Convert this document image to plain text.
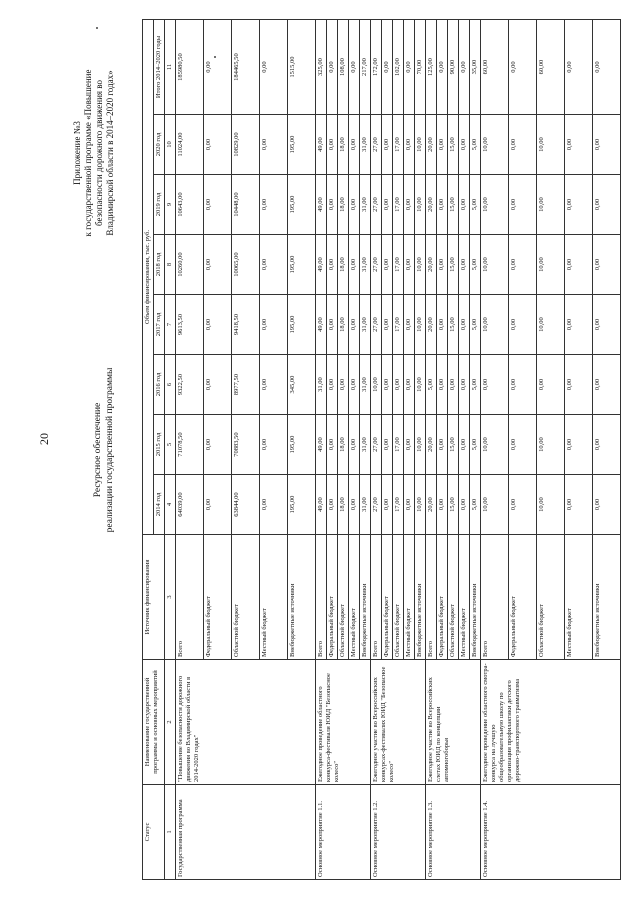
20
Приложение №3 к государственной программе «Повышение безопасности дорожного движения во Владимирской области в 2014–2020 годах»
Ресурсное обеспечение реализации государственной программы
Статус	Наименование государственной программы и основных мероприятий	Источник финансирования	Объем финансирования, тыс. руб.							
			2014 год	2015 год	2016 год	2017 год	2018 год	2019 год	2020 год	Итого 2014–2020 годы
1	2	3	4	5	6	7	8	9	10	11
Государственная программа	"Повышение безопасности дорожного движения во Владимирской области в 2014-2020 годах"	Всего	64039,00	71078,50	9322,50	9613,50	10260,00	10643,00	11024,00	185980,50
		Федеральный бюджет	0,00	0,00	0,00	0,00	0,00	0,00	0,00	0,00
		Областной бюджет	63844,00	70883,50	8977,50	9418,50	10065,00	10448,00	10829,00	184465,50
		Местный бюджет	0,00	0,00	0,00	0,00	0,00	0,00	0,00	0,00
		Внебюджетные источники	195,00	195,00	345,00	195,00	195,00	195,00	195,00	1515,00
Основное мероприятие 1.1.	Ежегодное проведение областного конкурса-фестиваля ЮИД "Безопасное колесо"	Всего	49,00	49,00	31,00	49,00	49,00	49,00	49,00	325,00
		Федеральный бюджет	0,00	0,00	0,00	0,00	0,00	0,00	0,00	0,00
		Областной бюджет	18,00	18,00	0,00	18,00	18,00	18,00	18,00	108,00
		Местный бюджет	0,00	0,00	0,00	0,00	0,00	0,00	0,00	0,00
		Внебюджетные источники	31,00	31,00	31,00	31,00	31,00	31,00	31,00	217,00
Основное мероприятие 1.2.	Ежегодное участие во Всероссийских конкурсах-фестивалях ЮИД "Безопасное колесо"	Всего	27,00	27,00	10,00	27,00	27,00	27,00	27,00	172,00
		Федеральный бюджет	0,00	0,00	0,00	0,00	0,00	0,00	0,00	0,00
		Областной бюджет	17,00	17,00	0,00	17,00	17,00	17,00	17,00	102,00
		Местный бюджет	0,00	0,00	0,00	0,00	0,00	0,00	0,00	0,00
		Внебюджетные источники	10,00	10,00	10,00	10,00	10,00	10,00	10,00	70,00
Основное мероприятие 1.3.	Ежегодное участие во Всероссийских слетах ЮИД по концепции автомногоборья	Всего	20,00	20,00	5,00	20,00	20,00	20,00	20,00	125,00
		Федеральный бюджет	0,00	0,00	0,00	0,00	0,00	0,00	0,00	0,00
		Областной бюджет	15,00	15,00	0,00	15,00	15,00	15,00	15,00	90,00
		Местный бюджет	0,00	0,00	0,00	0,00	0,00	0,00	0,00	0,00
		Внебюджетные источники	5,00	5,00	5,00	5,00	5,00	5,00	5,00	35,00
Основное мероприятие 1.4.	Ежегодное проведение областного смотра-конкурса на лучшую общеобразовательную школу по организации профилактики детского дорожно-транспортного травматизма	Всего	10,00	10,00	0,00	10,00	10,00	10,00	10,00	60,00
		Федеральный бюджет	0,00	0,00	0,00	0,00	0,00	0,00	0,00	0,00
		Областной бюджет	10,00	10,00	0,00	10,00	10,00	10,00	10,00	60,00
		Местный бюджет	0,00	0,00	0,00	0,00	0,00	0,00	0,00	0,00
		Внебюджетные источники	0,00	0,00	0,00	0,00	0,00	0,00	0,00	0,00
